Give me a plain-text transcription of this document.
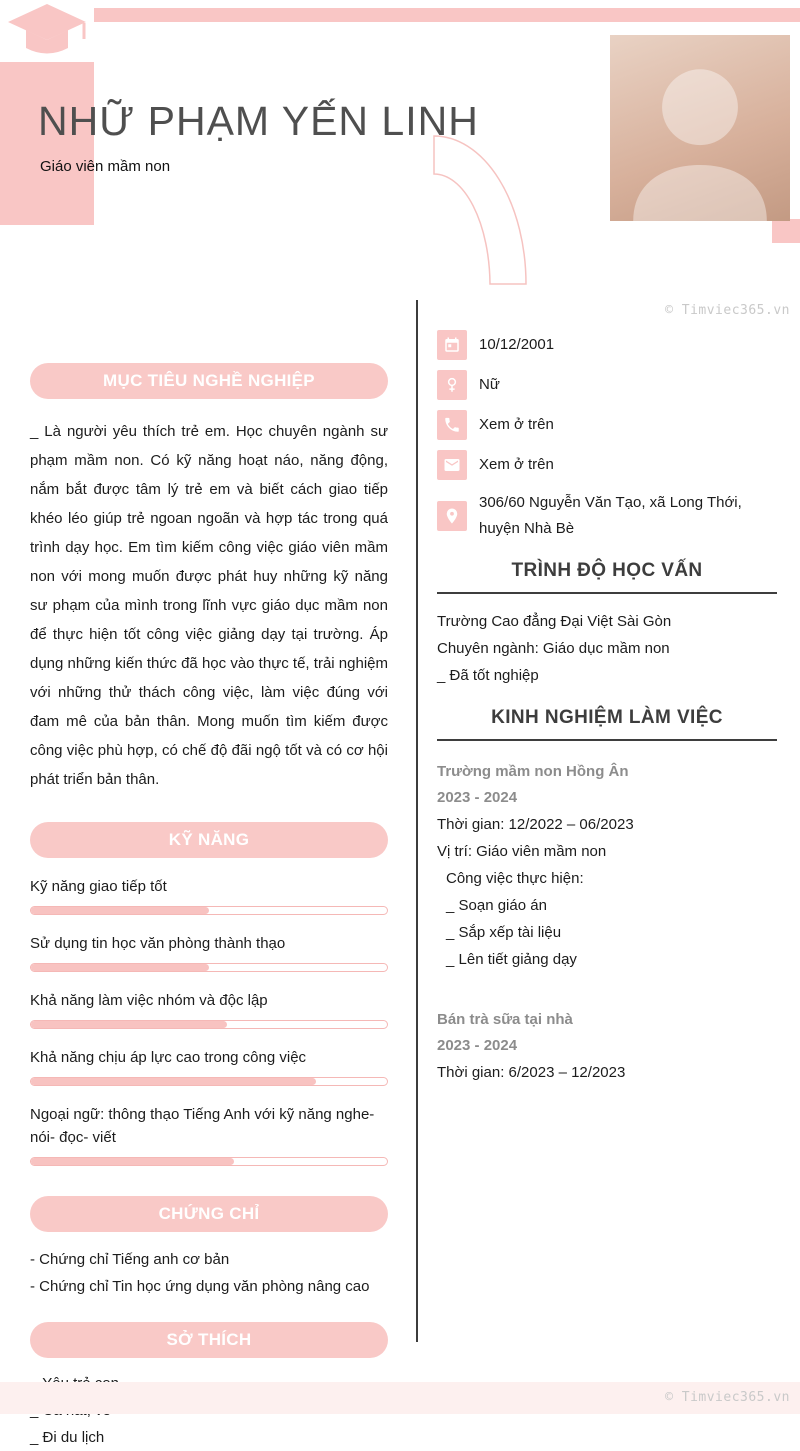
NHỮ PHẠM YẾN LINH
Giáo viên mầm non
© Timviec365.vn
MỤC TIÊU NGHỀ NGHIỆP

_ Là người yêu thích trẻ em. Học chuyên ngành sư phạm mầm non. Có kỹ năng hoạt náo, năng động, nắm bắt được tâm lý trẻ em và biết cách giao tiếp khéo léo giúp trẻ ngoan ngoãn và hợp tác trong quá trình dạy học. Em tìm kiếm công việc giáo viên mầm non với mong muốn được phát huy những kỹ năng sư phạm của mình trong lĩnh vực giáo dục mầm non để thực hiện tốt công việc giảng dạy tại trường. Áp dụng những kiến thức đã học vào thực tế, trải nghiệm với những thử thách công việc, làm việc đúng với đam mê của bản thân. Mong muốn tìm kiếm được công việc phù hợp, có chế độ đãi ngộ tốt và có cơ hội phát triển bản thân.

KỸ NĂNG
Kỹ năng giao tiếp tốt
Sử dụng tin học văn phòng thành thạo
Khả năng làm việc nhóm và độc lập
Khả năng chịu áp lực cao trong công việc
Ngoại ngữ: thông thạo Tiếng Anh với kỹ năng nghe- nói- đọc- viết
CHỨNG CHỈ
- Chứng chỉ Tiếng anh cơ bản
- Chứng chỉ Tin học ứng dụng văn phòng nâng cao
SỞ THÍCH
_ Đi du lịch
10/12/2001
Nữ
Xem ở trên
Xem ở trên
306/60 Nguyễn Văn Tạo, xã Long Thới, huyện Nhà Bè
TRÌNH ĐỘ HỌC VẤN
Trường Cao đẳng Đại Việt Sài Gòn
Chuyên ngành: Giáo dục mầm non
_ Đã tốt nghiệp
KINH NGHIỆM LÀM VIỆC
Trường mầm non Hồng Ân
2023 - 2024
Thời gian: 12/2022 – 06/2023
Vị trí: Giáo viên mầm non
Công việc thực hiện:
_ Soạn giáo án
_ Sắp xếp tài liệu
_ Lên tiết giảng dạy
Bán trà sữa tại nhà
2023 - 2024
Thời gian: 6/2023 – 12/2023
© Timviec365.vn
